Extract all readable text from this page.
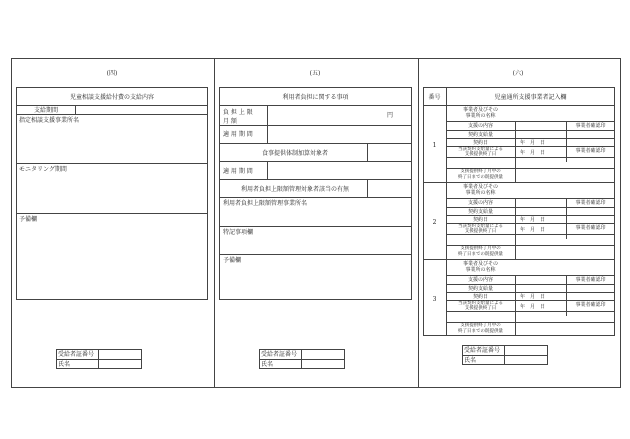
(四)
児童相談支援給付費の支給内容
支給期間
指定相談支援事業所名
モニタリング期間
予備欄
受給者証番号
氏名
(五)
利用者負担に関する事項
負 担 上 限
月 額
円
適 用 期 間
食事提供体制加算対象者
適 用 期 間
利用者負担上限額管理対象者該当の有無
利用者負担上限額管理事業所名
特記事項欄
予備欄
受給者証番号
氏名
(六)
番号	児童通所支援事業者記入欄
1
事業者及びその
事業所の名称
支援の内容
契約支給量
契約日
当該契約支給量による
支援提供終了日
支援提供終了月中の
終了日までの既提供量
年　月　日
年　月　日
事業者確認印
事業者確認印
2
事業者及びその
事業所の名称
支援の内容
契約支給量
契約日
当該契約支給量による
支援提供終了日
支援提供終了月中の
終了日までの既提供量
年　月　日
年　月　日
事業者確認印
事業者確認印
3
事業者及びその
事業所の名称
支援の内容
契約支給量
契約日
当該契約支給量による
支援提供終了日
支援提供終了月中の
終了日までの既提供量
年　月　日
年　月　日
事業者確認印
事業者確認印
受給者証番号
氏名
